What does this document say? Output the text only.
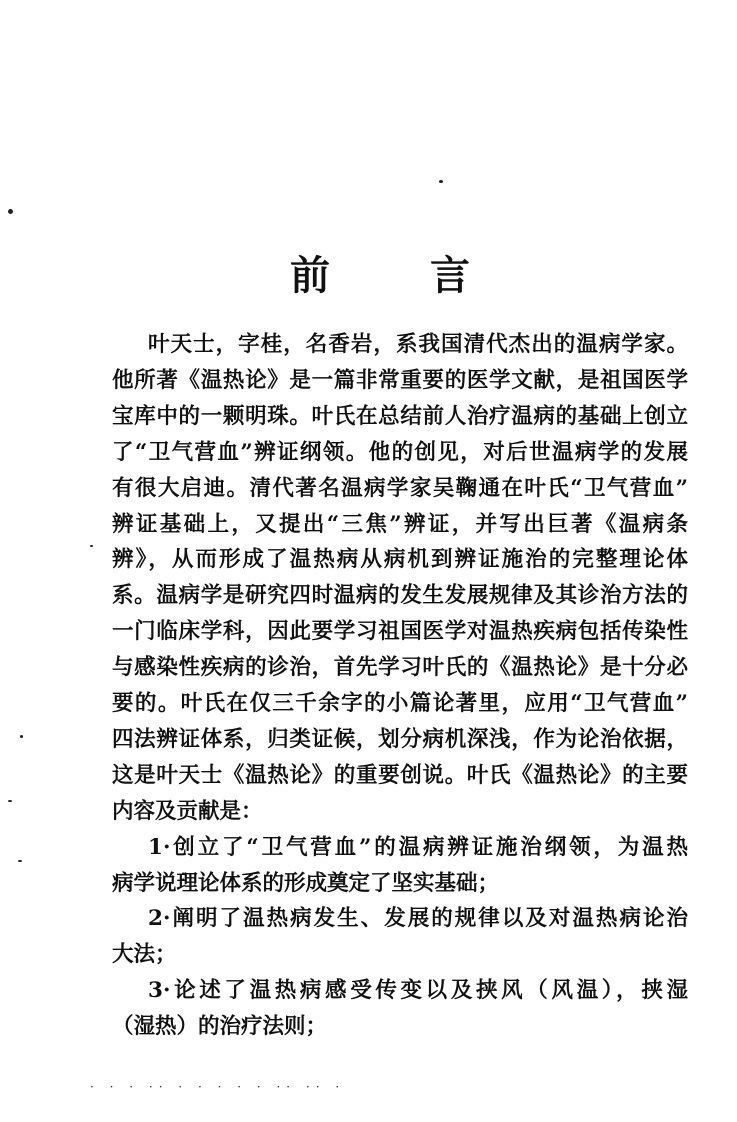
前	言
叶天士，字桂，名香岩，系我国清代杰出的温病学家。
他所著《温热论》是一篇非常重要的医学文献，是祖国医学
宝库中的一颗明珠。叶氏在总结前人治疗温病的基础上创立
了“卫气营血”辨证纲领。他的创见，对后世温病学的发展
有很大启迪。清代著名温病学家吴鞠通在叶氏“卫气营血”
辨证基础上，又提出“三焦”辨证，并写出巨著《温病条
辨》，从而形成了温热病从病机到辨证施治的完整理论体
系。温病学是研究四时温病的发生发展规律及其诊治方法的
一门临床学科，因此要学习祖国医学对温热疾病包括传染性
与感染性疾病的诊治，首先学习叶氏的《温热论》是十分必
要的。叶氏在仅三千余字的小篇论著里，应用“卫气营血”
四法辨证体系，归类证候，划分病机深浅，作为论治依据，
这是叶天士《温热论》的重要创说。叶氏《温热论》的主要
内容及贡献是：
1·创立了“卫气营血”的温病辨证施治纲领，为温热
病学说理论体系的形成奠定了坚实基础；
2·阐明了温热病发生、发展的规律以及对温热病论治
大法；
3·论述了温热病感受传变以及挟风（风温），挟湿
（湿热）的治疗法则；
· · · ·· · · · · · ·· ·· ·
